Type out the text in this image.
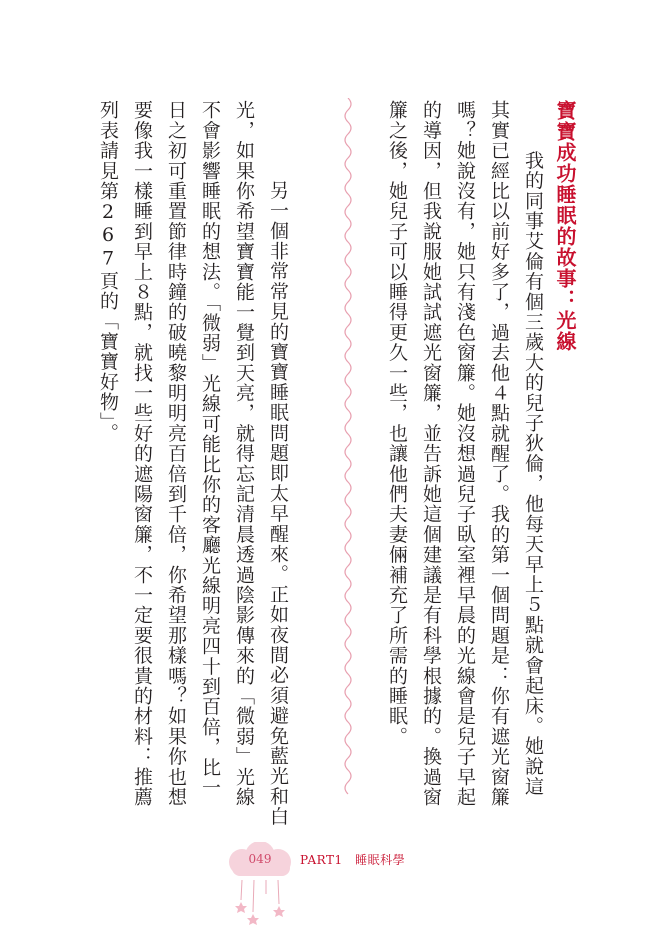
寶寶成功睡眠的故事：光線
　我的同事艾倫有個三歲大的兒子狄倫，他每天早上５點就會起床。她說這
其實已經比以前好多了，過去他４點就醒了。我的第一個問題是：你有遮光窗簾
嗎？她說沒有，她只有淺色窗簾。她沒想過兒子臥室裡早晨的光線會是兒子早起
的導因，但我說服她試試遮光窗簾，並告訴她這個建議是有科學根據的。換過窗
簾之後，她兒子可以睡得更久一些，也讓他們夫妻倆補充了所需的睡眠。
　另一個非常常見的寶寶睡眠問題即太早醒來。正如夜間必須避免藍光和白
光，如果你希望寶寶能一覺到天亮，就得忘記清晨透過陰影傳來的「微弱」光線
不會影響睡眠的想法。「微弱」光線可能比你的客廳光線明亮四十到百倍，比一
日之初可重置節律時鐘的破曉黎明明亮百倍到千倍，你希望那樣嗎？如果你也想
要像我一樣睡到早上８點，就找一些好的遮陽窗簾，不一定要很貴的材料：推薦
列表請見第267頁的「寶寶好物」。
049	PART1　睡眠科學
